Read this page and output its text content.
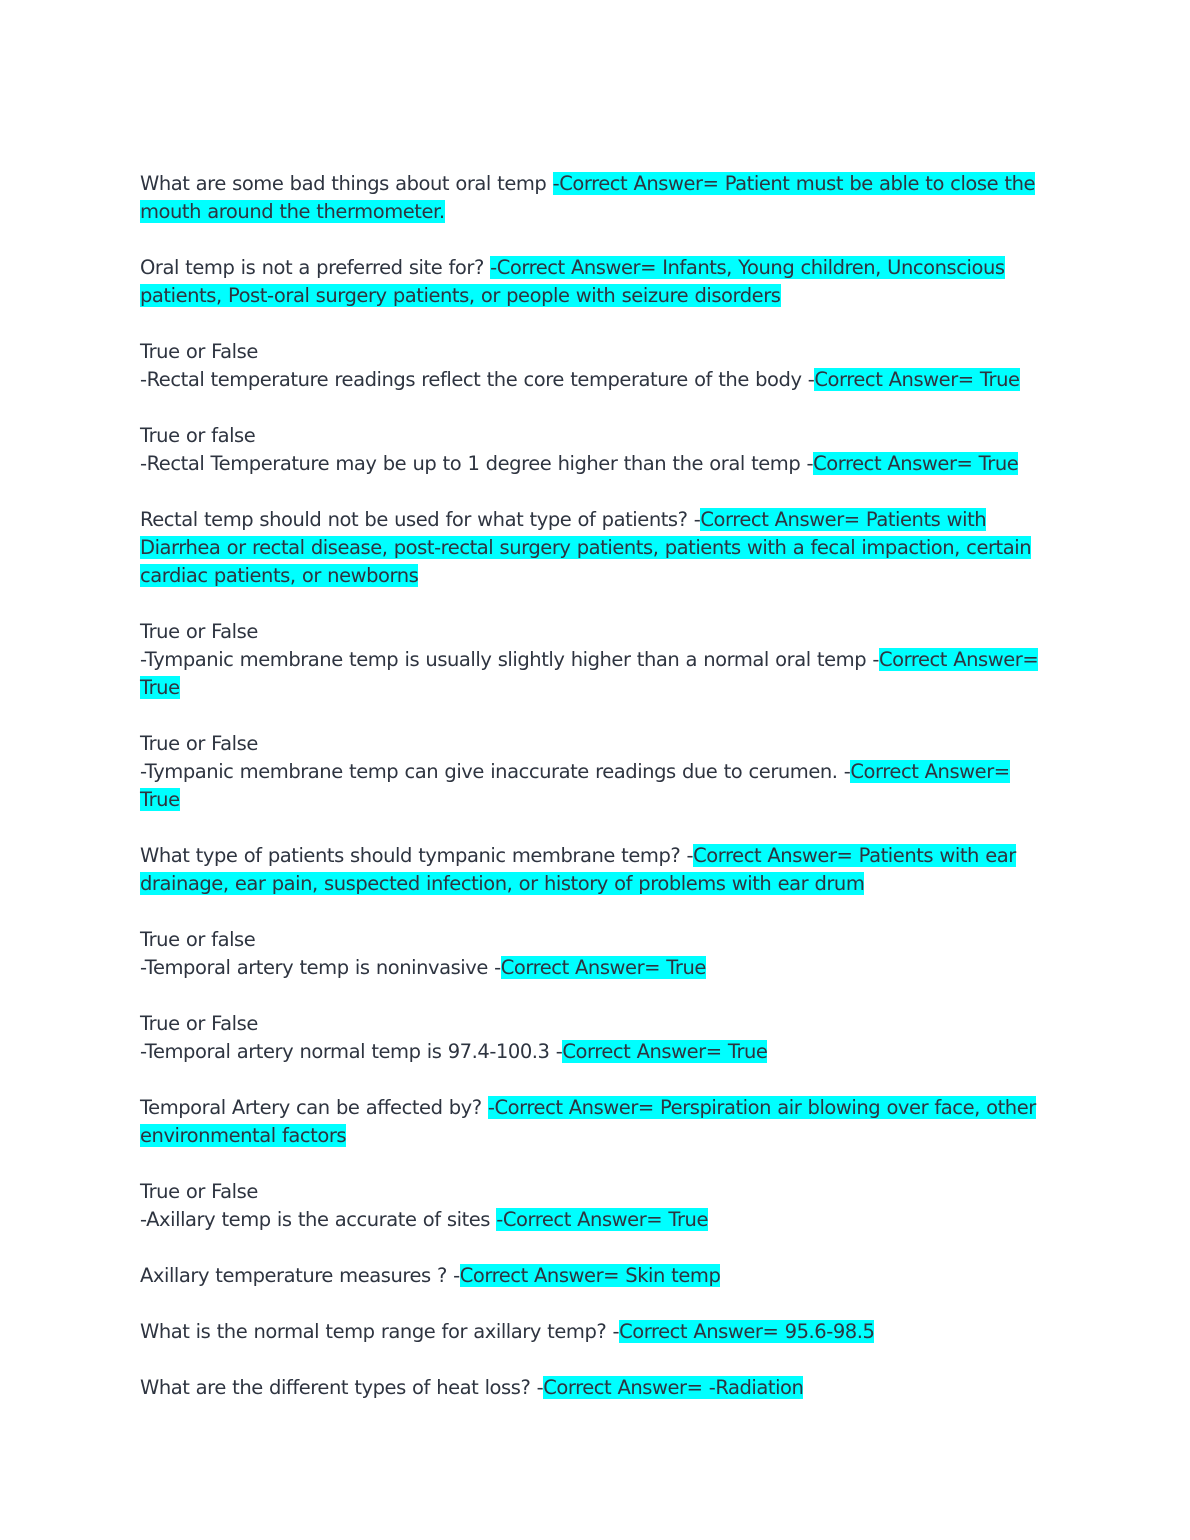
What are some bad things about oral temp -Correct Answer= Patient must be able to close the mouth around the thermometer.

Oral temp is not a preferred site for? -Correct Answer= Infants, Young children, Unconscious patients, Post-oral surgery patients, or people with seizure disorders

True or False
-Rectal temperature readings reflect the core temperature of the body -Correct Answer= True

True or false
-Rectal Temperature may be up to 1 degree higher than the oral temp -Correct Answer= True

Rectal temp should not be used for what type of patients? -Correct Answer= Patients with Diarrhea or rectal disease, post-rectal surgery patients, patients with a fecal impaction, certain cardiac patients, or newborns

True or False
-Tympanic membrane temp is usually slightly higher than a normal oral temp -Correct Answer= True

True or False
-Tympanic membrane temp can give inaccurate readings due to cerumen. -Correct Answer= True

What type of patients should tympanic membrane temp? -Correct Answer= Patients with ear drainage, ear pain, suspected infection, or history of problems with ear drum

True or false
-Temporal artery temp is noninvasive -Correct Answer= True

True or False
-Temporal artery normal temp is 97.4-100.3 -Correct Answer= True

Temporal Artery can be affected by? -Correct Answer= Perspiration air blowing over face, other environmental factors

True or False
-Axillary temp is the accurate of sites -Correct Answer= True

Axillary temperature measures ? -Correct Answer= Skin temp

What is the normal temp range for axillary temp? -Correct Answer= 95.6-98.5

What are the different types of heat loss? -Correct Answer= -Radiation
